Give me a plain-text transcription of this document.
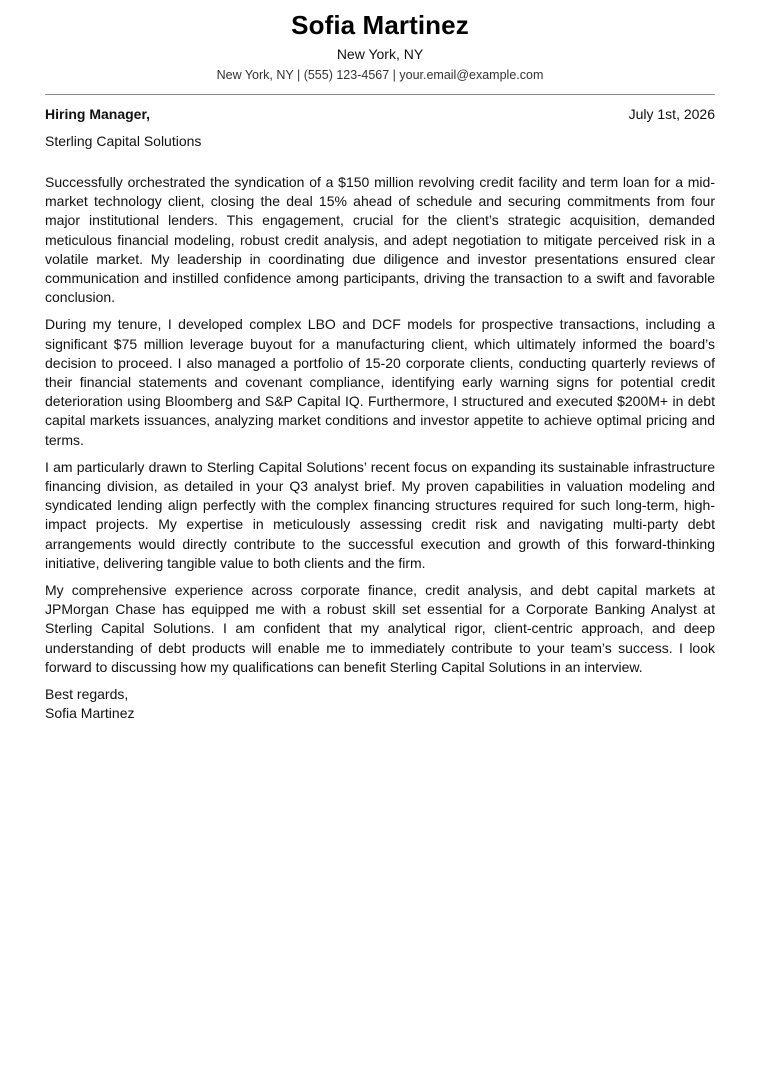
Sofia Martinez
New York, NY
New York, NY | (555) 123-4567 | your.email@example.com
Hiring Manager,	July 1st, 2026
Sterling Capital Solutions

Successfully orchestrated the syndication of a $150 million revolving credit facility and term loan for a mid-market technology client, closing the deal 15% ahead of schedule and securing commitments from four major institutional lenders. This engagement, crucial for the client’s strategic acquisition, demanded meticulous financial modeling, robust credit analysis, and adept negotiation to mitigate perceived risk in a volatile market. My leadership in coordinating due diligence and investor presentations ensured clear communication and instilled confidence among participants, driving the transaction to a swift and favorable conclusion.

During my tenure, I developed complex LBO and DCF models for prospective transactions, including a significant $75 million leverage buyout for a manufacturing client, which ultimately informed the board’s decision to proceed. I also managed a portfolio of 15-20 corporate clients, conducting quarterly reviews of their financial statements and covenant compliance, identifying early warning signs for potential credit deterioration using Bloomberg and S&P Capital IQ. Furthermore, I structured and executed $200M+ in debt capital markets issuances, analyzing market conditions and investor appetite to achieve optimal pricing and terms.

I am particularly drawn to Sterling Capital Solutions’ recent focus on expanding its sustainable infrastructure financing division, as detailed in your Q3 analyst brief. My proven capabilities in valuation modeling and syndicated lending align perfectly with the complex financing structures required for such long-term, high-impact projects. My expertise in meticulously assessing credit risk and navigating multi-party debt arrangements would directly contribute to the successful execution and growth of this forward-thinking initiative, delivering tangible value to both clients and the firm.

My comprehensive experience across corporate finance, credit analysis, and debt capital markets at JPMorgan Chase has equipped me with a robust skill set essential for a Corporate Banking Analyst at Sterling Capital Solutions. I am confident that my analytical rigor, client-centric approach, and deep understanding of debt products will enable me to immediately contribute to your team’s success. I look forward to discussing how my qualifications can benefit Sterling Capital Solutions in an interview.

Best regards,
Sofia Martinez
